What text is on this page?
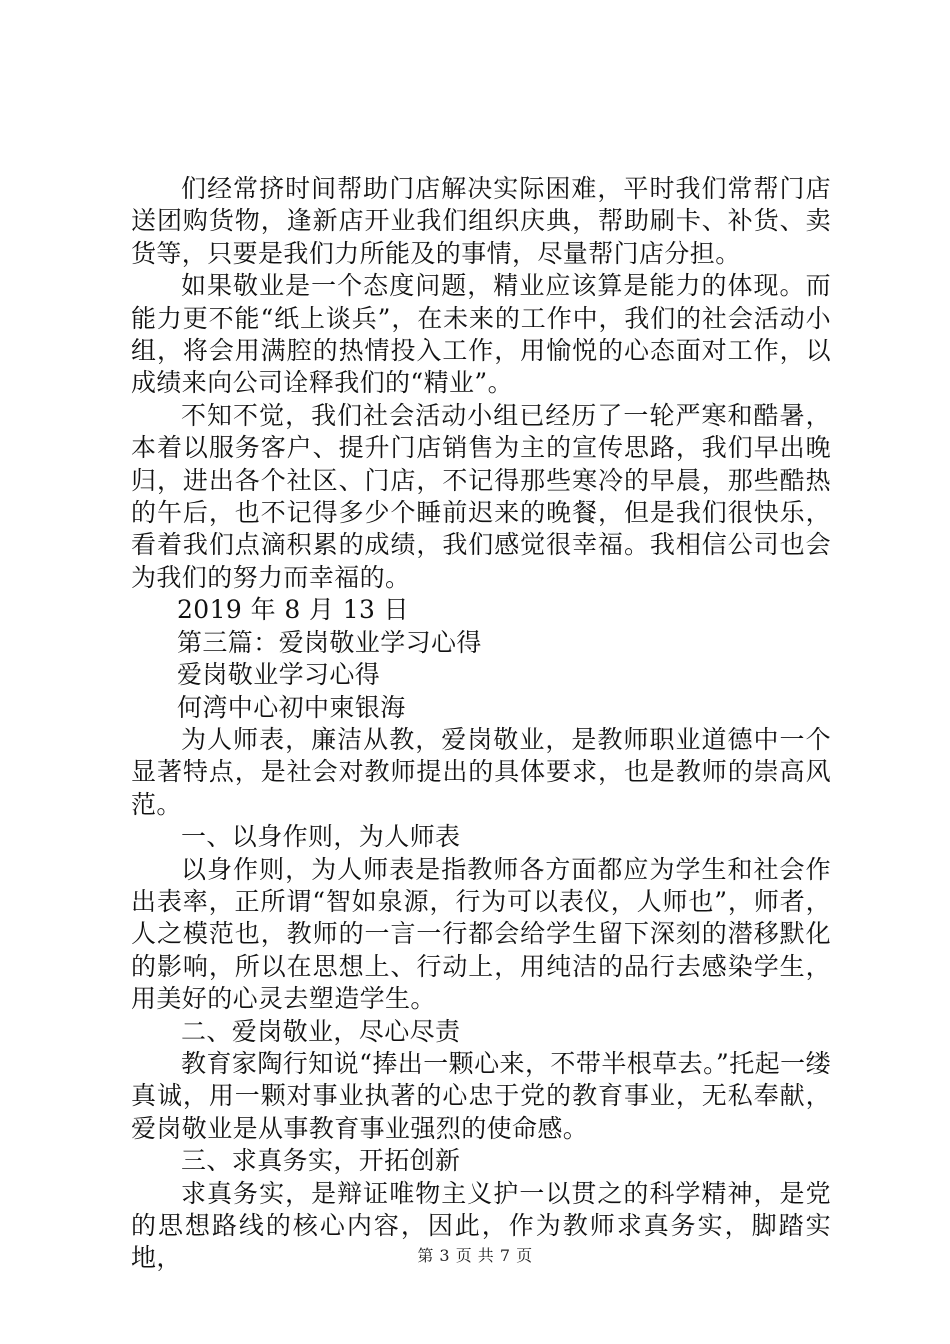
们经常挤时间帮助门店解决实际困难，平时我们常帮门店送团购货物，逢新店开业我们组织庆典，帮助刷卡、补货、卖货等，只要是我们力所能及的事情，尽量帮门店分担。

如果敬业是一个态度问题，精业应该算是能力的体现。而能力更不能“纸上谈兵”，在未来的工作中，我们的社会活动小组，将会用满腔的热情投入工作，用愉悦的心态面对工作，以成绩来向公司诠释我们的“精业”。

不知不觉，我们社会活动小组已经历了一轮严寒和酷暑，本着以服务客户、提升门店销售为主的宣传思路，我们早出晚归，进出各个社区、门店，不记得那些寒冷的早晨，那些酷热的午后，也不记得多少个睡前迟来的晚餐，但是我们很快乐，看着我们点滴积累的成绩，我们感觉很幸福。我相信公司也会为我们的努力而幸福的。

2019 年 8 月 13 日

第三篇：爱岗敬业学习心得

爱岗敬业学习心得

何湾中心初中柬银海

为人师表，廉洁从教，爱岗敬业，是教师职业道德中一个显著特点，是社会对教师提出的具体要求，也是教师的崇高风范。

一、以身作则，为人师表

以身作则，为人师表是指教师各方面都应为学生和社会作出表率，正所谓“智如泉源，行为可以表仪，人师也”，师者，人之模范也，教师的一言一行都会给学生留下深刻的潜移默化的影响，所以在思想上、行动上，用纯洁的品行去感染学生，用美好的心灵去塑造学生。

二、爱岗敬业，尽心尽责

教育家陶行知说“捧出一颗心来，不带半根草去。”托起一缕真诚，用一颗对事业执著的心忠于党的教育事业，无私奉献，爱岗敬业是从事教育事业强烈的使命感。

三、求真务实，开拓创新

求真务实，是辩证唯物主义护一以贯之的科学精神，是党的思想路线的核心内容，因此，作为教师求真务实，脚踏实地，	第 3 页 共 7 页
